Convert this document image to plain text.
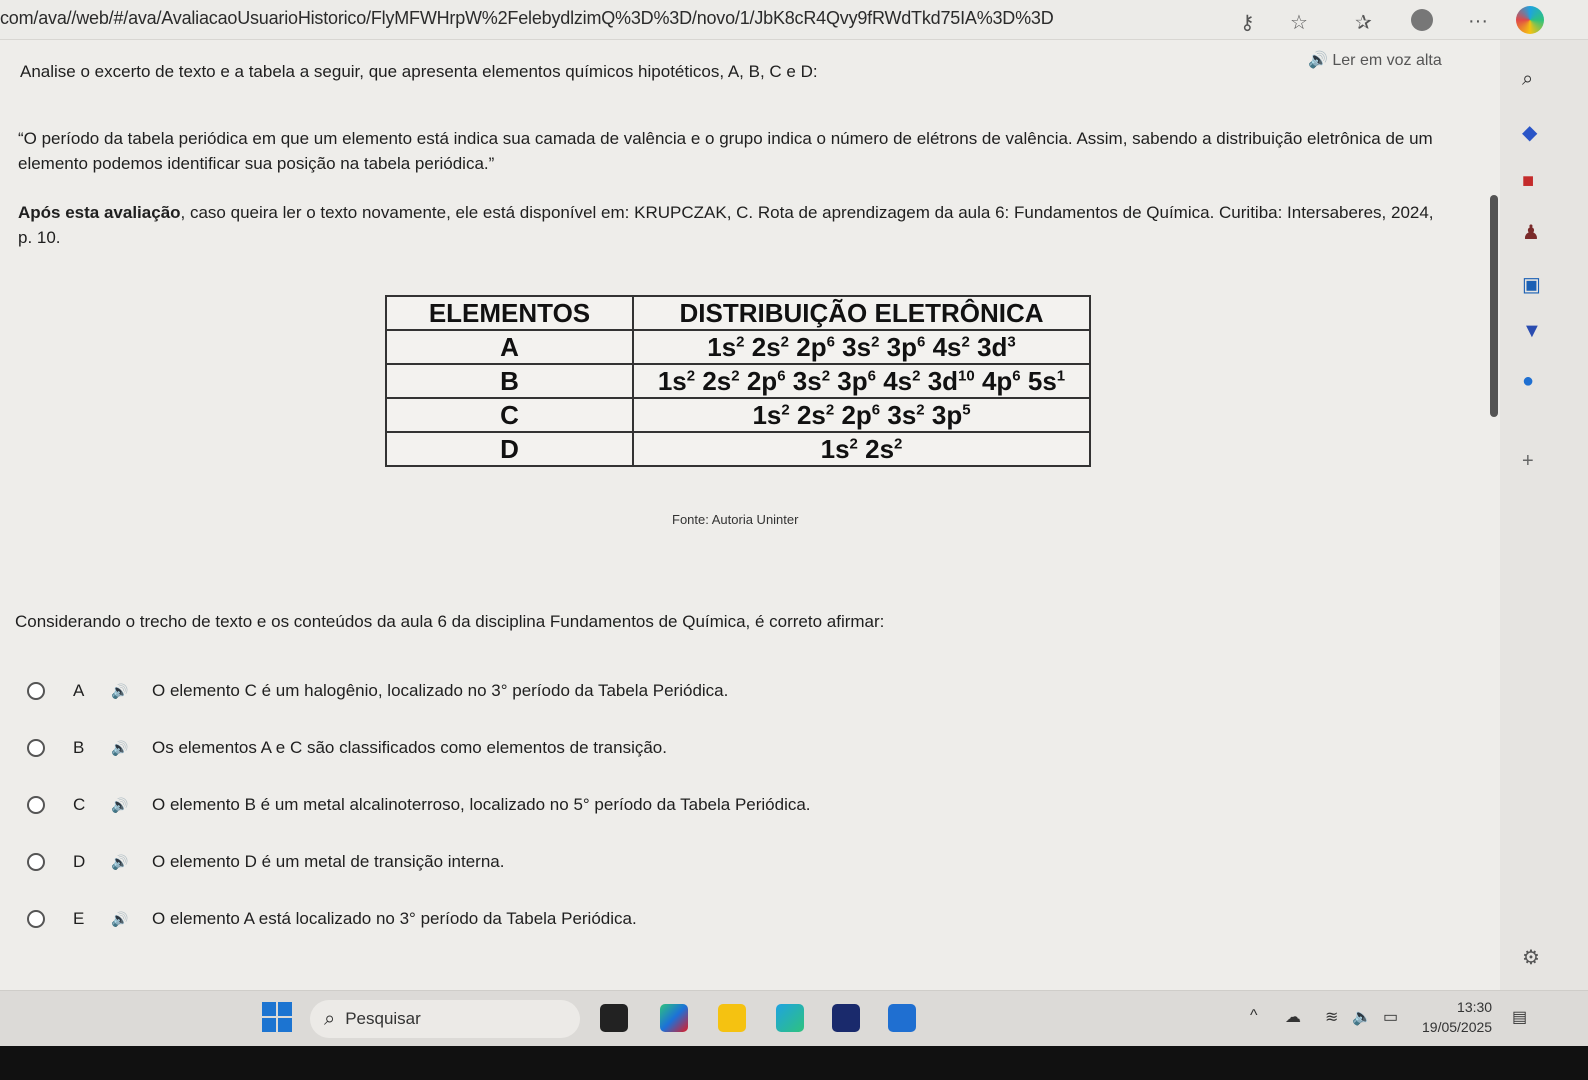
com/ava//web/#/ava/AvaliacaoUsuarioHistorico/FlyMFWHrpW%2FelebydlzimQ%3D%3D/novo/1/JbK8cR4Qvy9fRWdTkd75IA%3D%3D	⚷ ☆ ✰	···
🔊 Ler em voz alta
Analise o excerto de texto e a tabela a seguir, que apresenta elementos químicos hipotéticos, A, B, C e D:
“O período da tabela periódica em que um elemento está indica sua camada de valência e o grupo indica o número de elétrons de valência. Assim, sabendo a distribuição eletrônica de um elemento podemos identificar sua posição na tabela periódica.”
Após esta avaliação, caso queira ler o texto novamente, ele está disponível em: KRUPCZAK, C. Rota de aprendizagem da aula 6: Fundamentos de Química. Curitiba: Intersaberes, 2024, p. 10.
ELEMENTOS	DISTRIBUIÇÃO ELETRÔNICA
A	$1s^2$ $2s^2$ $2p^6$ $3s^2$ $3p^6$ $4s^2$ $3d^3$
B	$1s^2$ $2s^2$ $2p^6$ $3s^2$ $3p^6$ $4s^2$ $3d^{10}$ $4p^6$ $5s^1$
C	$1s^2$ $2s^2$ $2p^6$ $3s^2$ $3p^5$
D	$1s^2$ $2s^2$
Fonte: Autoria Uninter
Considerando o trecho de texto e os conteúdos da aula 6 da disciplina Fundamentos de Química, é correto afirmar:
A	🔊	O elemento C é um halogênio, localizado no 3° período da Tabela Periódica.
B	🔊	Os elementos A e C são classificados como elementos de transição.
C	🔊	O elemento B é um metal alcalinoterroso, localizado no 5° período da Tabela Periódica.
D	🔊	O elemento D é um metal de transição interna.
E	🔊	O elemento A está localizado no 3° período da Tabela Periódica.
⌕
◆
■
♟
▣
▼
●
+
⚙
⌕ Pesquisar	^ ☁ ≋ 🔈 ▭
13:30
19/05/2025
▤
